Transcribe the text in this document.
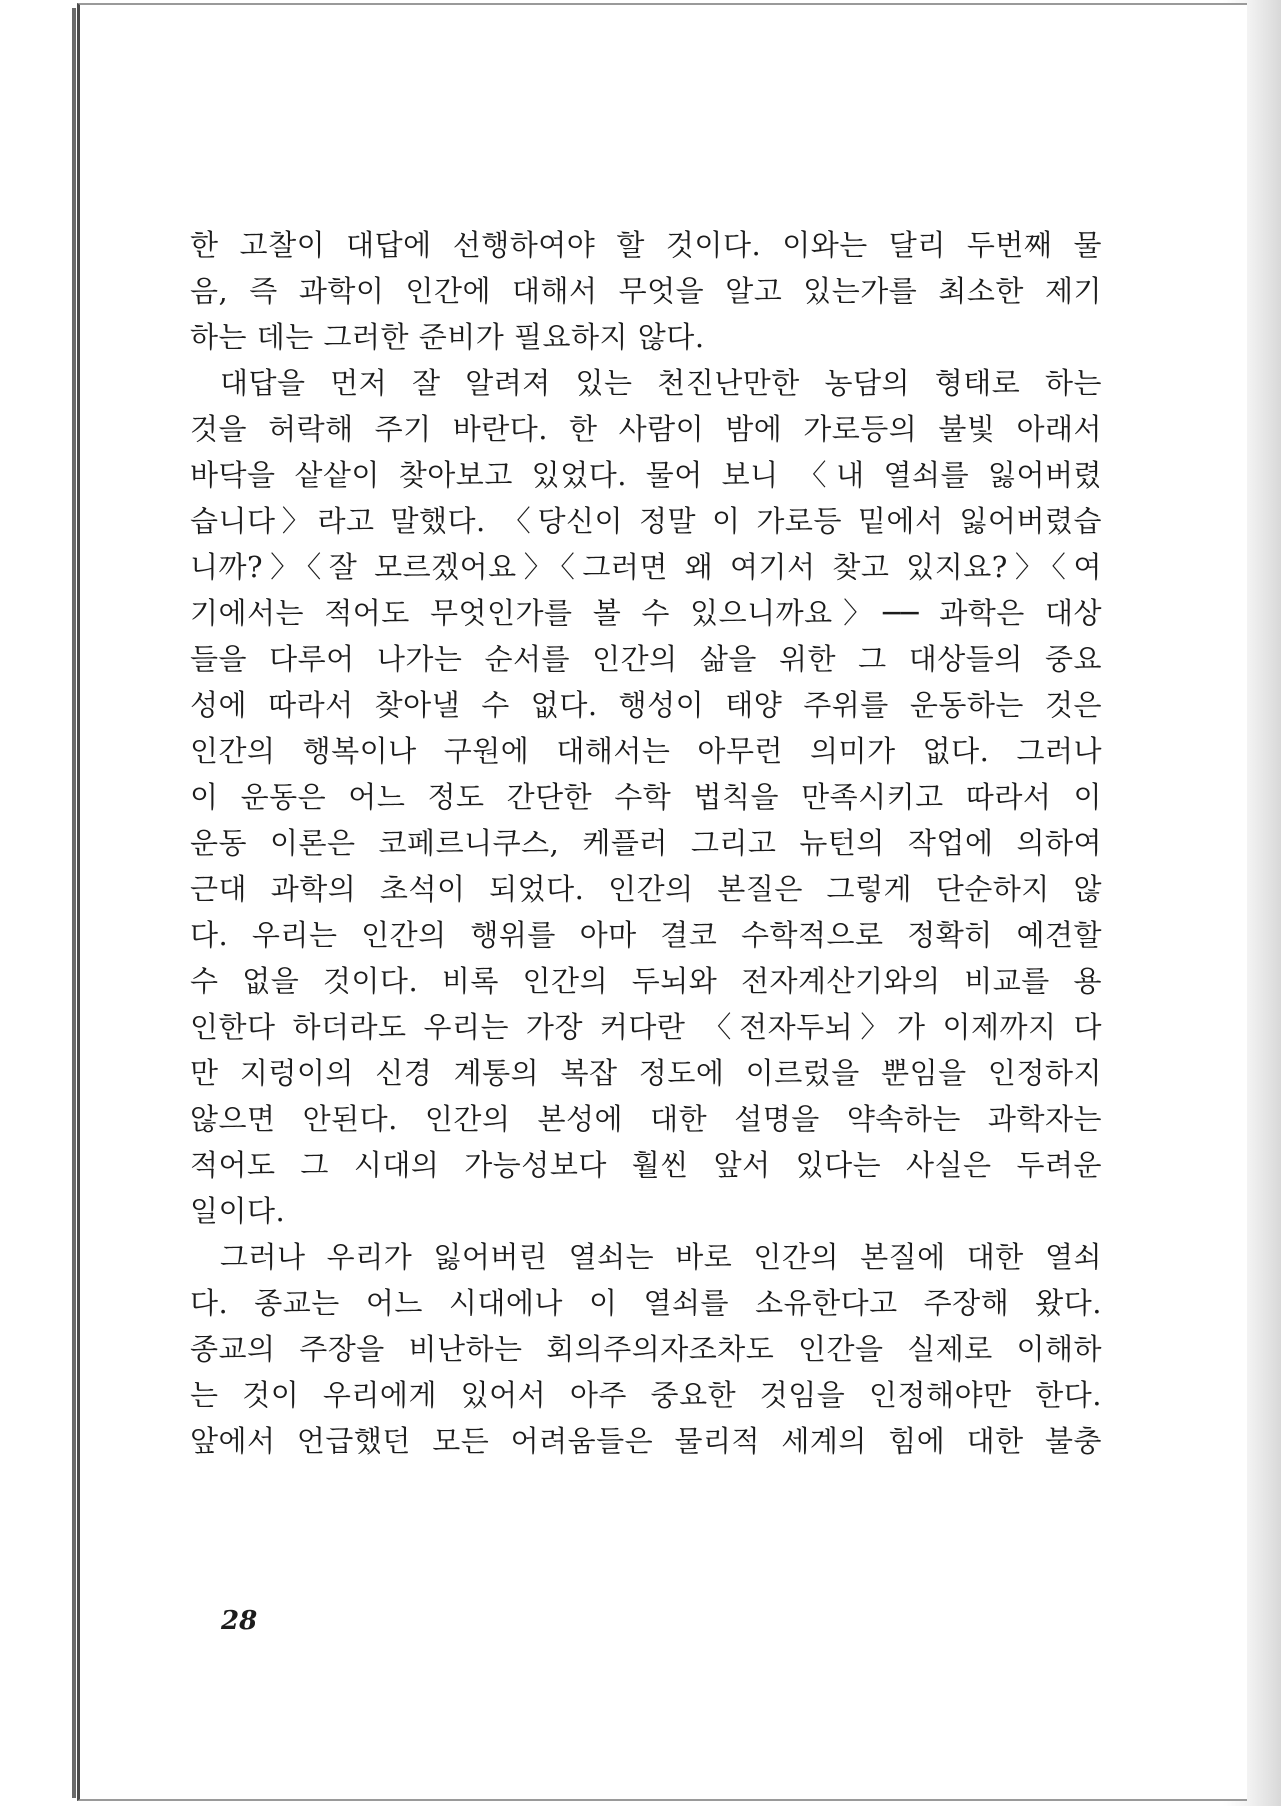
한 고찰이 대답에 선행하여야 할 것이다. 이와는 달리 두번째 물
음, 즉 과학이 인간에 대해서 무엇을 알고 있는가를 최소한 제기
하는 데는 그러한 준비가 필요하지 않다.
대답을 먼저 잘 알려져 있는 천진난만한 농담의 형태로 하는
것을 허락해 주기 바란다. 한 사람이 밤에 가로등의 불빛 아래서
바닥을 샅샅이 찾아보고 있었다. 물어 보니 〈내 열쇠를 잃어버렸
습니다〉라고 말했다. 〈당신이 정말 이 가로등 밑에서 잃어버렸습
니까?〉〈잘 모르겠어요〉〈그러면 왜 여기서 찾고 있지요?〉〈여
기에서는 적어도 무엇인가를 볼 수 있으니까요〉── 과학은 대상
들을 다루어 나가는 순서를 인간의 삶을 위한 그 대상들의 중요
성에 따라서 찾아낼 수 없다. 행성이 태양 주위를 운동하는 것은
인간의 행복이나 구원에 대해서는 아무런 의미가 없다. 그러나
이 운동은 어느 정도 간단한 수학 법칙을 만족시키고 따라서 이
운동 이론은 코페르니쿠스, 케플러 그리고 뉴턴의 작업에 의하여
근대 과학의 초석이 되었다. 인간의 본질은 그렇게 단순하지 않
다. 우리는 인간의 행위를 아마 결코 수학적으로 정확히 예견할
수 없을 것이다. 비록 인간의 두뇌와 전자계산기와의 비교를 용
인한다 하더라도 우리는 가장 커다란 〈전자두뇌〉가 이제까지 다
만 지렁이의 신경 계통의 복잡 정도에 이르렀을 뿐임을 인정하지
않으면 안된다. 인간의 본성에 대한 설명을 약속하는 과학자는
적어도 그 시대의 가능성보다 훨씬 앞서 있다는 사실은 두려운
일이다.
그러나 우리가 잃어버린 열쇠는 바로 인간의 본질에 대한 열쇠
다. 종교는 어느 시대에나 이 열쇠를 소유한다고 주장해 왔다.
종교의 주장을 비난하는 회의주의자조차도 인간을 실제로 이해하
는 것이 우리에게 있어서 아주 중요한 것임을 인정해야만 한다.
앞에서 언급했던 모든 어려움들은 물리적 세계의 힘에 대한 불충
28
